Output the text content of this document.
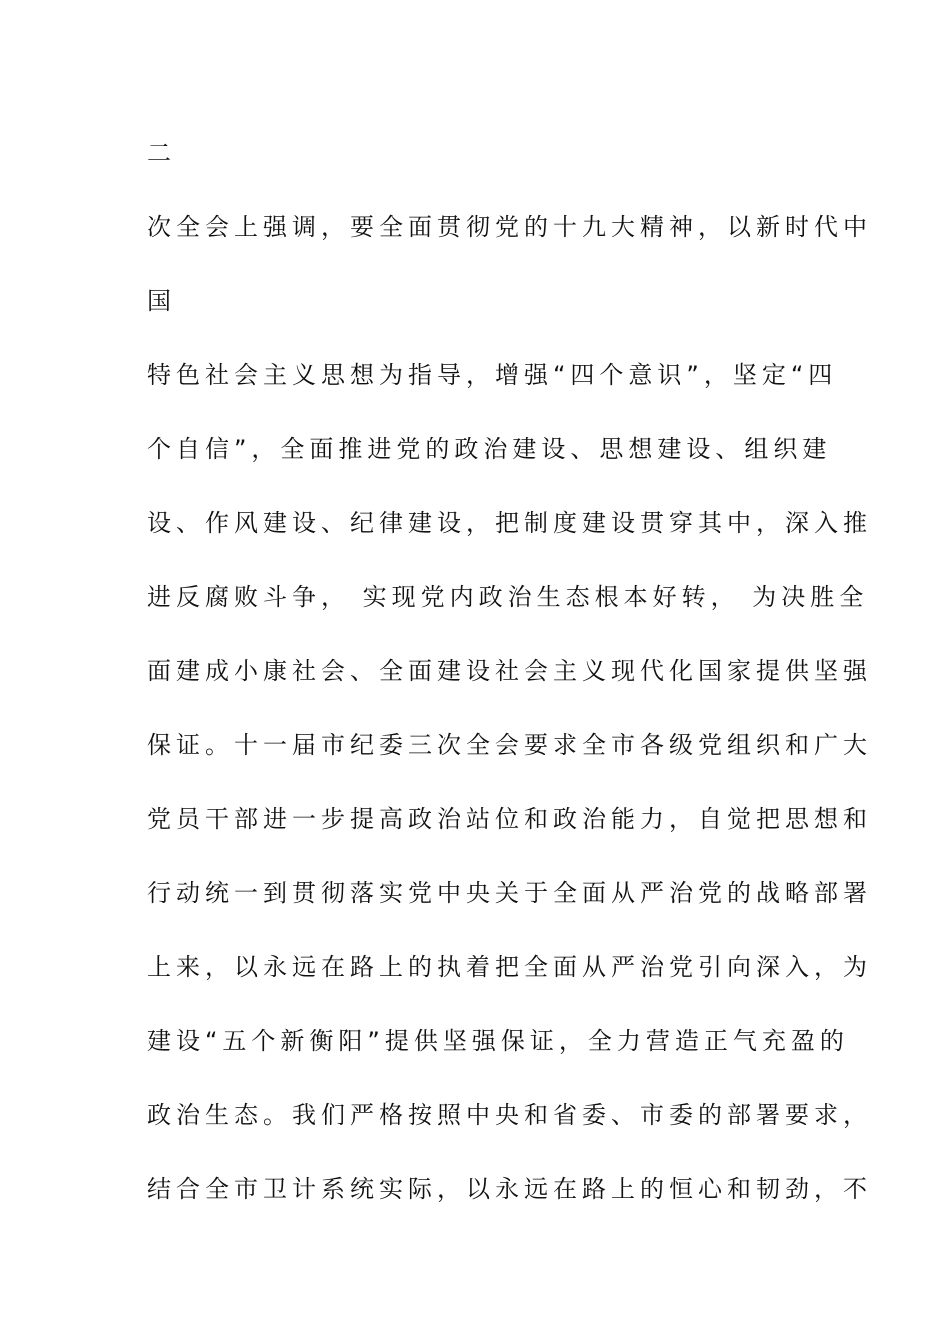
二
次全会上强调，要全面贯彻党的十九大精神，以新时代中
国
特色社会主义思想为指导，增强“四个意识”，坚定“四
个自信”，全面推进党的政治建设、思想建设、组织建
设、作风建设、纪律建设，把制度建设贯穿其中，深入推
进反腐败斗争， 实现党内政治生态根本好转， 为决胜全
面建成小康社会、全面建设社会主义现代化国家提供坚强
保证。十一届市纪委三次全会要求全市各级党组织和广大
党员干部进一步提高政治站位和政治能力，自觉把思想和
行动统一到贯彻落实党中央关于全面从严治党的战略部署
上来，以永远在路上的执着把全面从严治党引向深入，为
建设“五个新衡阳”提供坚强保证，全力营造正气充盈的
政治生态。我们严格按照中央和省委、市委的部署要求，
结合全市卫计系统实际，以永远在路上的恒心和韧劲，不
